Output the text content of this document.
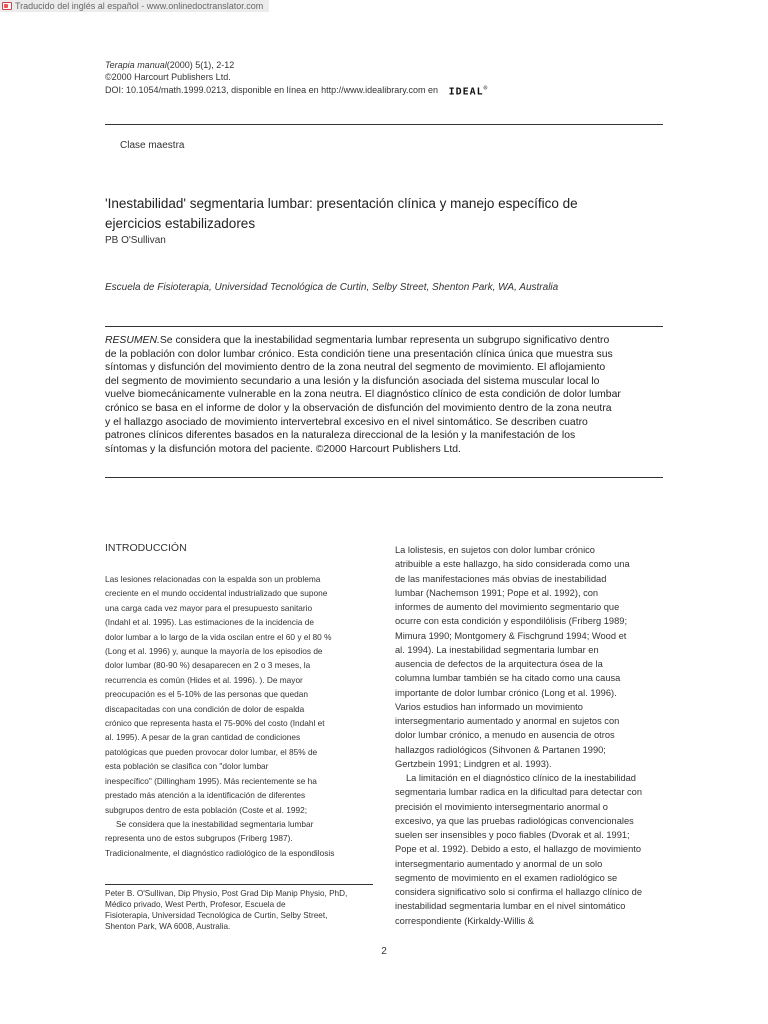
Traducido del inglés al español - www.onlinedoctranslator.com
Terapia manual(2000) 5(1), 2-12
©2000 Harcourt Publishers Ltd.
DOI: 10.1054/math.1999.0213, disponible en línea en http://www.idealibrary.com en IDEAL®
Clase maestra
'Inestabilidad' segmentaria lumbar: presentación clínica y manejo específico de
ejercicios estabilizadores
PB O'Sullivan
Escuela de Fisioterapia, Universidad Tecnológica de Curtin, Selby Street, Shenton Park, WA, Australia
RESUMEN.Se considera que la inestabilidad segmentaria lumbar representa un subgrupo significativo dentro
de la población con dolor lumbar crónico. Esta condición tiene una presentación clínica única que muestra sus
síntomas y disfunción del movimiento dentro de la zona neutral del segmento de movimiento. El aflojamiento
del segmento de movimiento secundario a una lesión y la disfunción asociada del sistema muscular local lo
vuelve biomecánicamente vulnerable en la zona neutra. El diagnóstico clínico de esta condición de dolor lumbar
crónico se basa en el informe de dolor y la observación de disfunción del movimiento dentro de la zona neutra
y el hallazgo asociado de movimiento intervertebral excesivo en el nivel sintomático. Se describen cuatro
patrones clínicos diferentes basados en la naturaleza direccional de la lesión y la manifestación de los
síntomas y la disfunción motora del paciente. ©2000 Harcourt Publishers Ltd.
INTRODUCCIÓN

Las lesiones relacionadas con la espalda son un problema
creciente en el mundo occidental industrializado que supone
una carga cada vez mayor para el presupuesto sanitario
(Indahl et al. 1995). Las estimaciones de la incidencia de
dolor lumbar a lo largo de la vida oscilan entre el 60 y el 80 %
(Long et al. 1996) y, aunque la mayoría de los episodios de
dolor lumbar (80-90 %) desaparecen en 2 o 3 meses, la
recurrencia es común (Hides et al. 1996). ). De mayor
preocupación es el 5-10% de las personas que quedan
discapacitadas con una condición de dolor de espalda
crónico que representa hasta el 75-90% del costo (Indahl et
al. 1995). A pesar de la gran cantidad de condiciones
patológicas que pueden provocar dolor lumbar, el 85% de
esta población se clasifica con "dolor lumbar
inespecífico" (Dillingham 1995). Más recientemente se ha
prestado más atención a la identificación de diferentes
subgrupos dentro de esta población (Coste et al. 1992;

Se considera que la inestabilidad segmentaria lumbar
representa uno de estos subgrupos (Friberg 1987).
Tradicionalmente, el diagnóstico radiológico de la espondilosis

Peter B. O'Sullivan, Dip Physio, Post Grad Dip Manip Physio, PhD,
Médico privado, West Perth, Profesor, Escuela de
Fisioterapia, Universidad Tecnológica de Curtin, Selby Street,
Shenton Park, WA 6008, Australia.

La lolistesis, en sujetos con dolor lumbar crónico
atribuible a este hallazgo, ha sido considerada como una
de las manifestaciones más obvias de inestabilidad
lumbar (Nachemson 1991; Pope et al. 1992), con
informes de aumento del movimiento segmentario que
ocurre con esta condición y espondilólisis (Friberg 1989;
Mimura 1990; Montgomery & Fischgrund 1994; Wood et
al. 1994). La inestabilidad segmentaria lumbar en
ausencia de defectos de la arquitectura ósea de la
columna lumbar también se ha citado como una causa
importante de dolor lumbar crónico (Long et al. 1996).
Varios estudios han informado un movimiento
intersegmentario aumentado y anormal en sujetos con
dolor lumbar crónico, a menudo en ausencia de otros
hallazgos radiológicos (Sihvonen & Partanen 1990;
Gertzbein 1991; Lindgren et al. 1993).

La limitación en el diagnóstico clínico de la inestabilidad
segmentaria lumbar radica en la dificultad para detectar con
precisión el movimiento intersegmentario anormal o
excesivo, ya que las pruebas radiológicas convencionales
suelen ser insensibles y poco fiables (Dvorak et al. 1991;
Pope et al. 1992). Debido a esto, el hallazgo de movimiento
intersegmentario aumentado y anormal de un solo
segmento de movimiento en el examen radiológico se
considera significativo solo si confirma el hallazgo clínico de
inestabilidad segmentaria lumbar en el nivel sintomático
correspondiente (Kirkaldy-Willis &

2
